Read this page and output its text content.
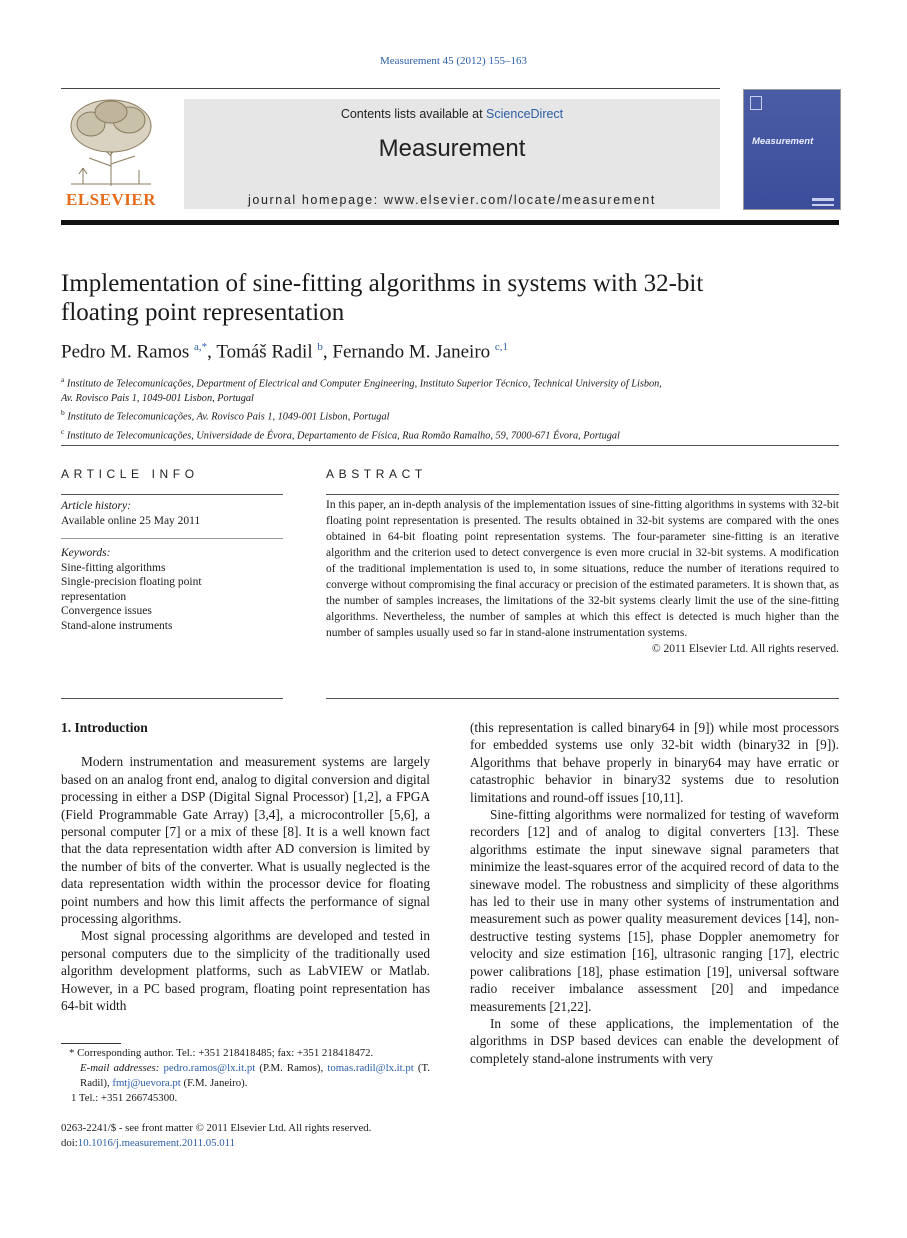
Measurement 45 (2012) 155–163
ELSEVIER
Contents lists available at ScienceDirect
Measurement
journal homepage: www.elsevier.com/locate/measurement
Measurement
Implementation of sine-fitting algorithms in systems with 32-bit
floating point representation
Pedro M. Ramos $^{a,*}$, Tomáš Radil $^b$, Fernando M. Janeiro $^{c,1}$
$^a$ Instituto de Telecomunicações, Department of Electrical and Computer Engineering, Instituto Superior Técnico, Technical University of Lisbon,
Av. Rovisco Pais 1, 1049-001 Lisbon, Portugal
$^b$ Instituto de Telecomunicações, Av. Rovisco Pais 1, 1049-001 Lisbon, Portugal
$^c$ Instituto de Telecomunicações, Universidade de Évora, Departamento de Física, Rua Romão Ramalho, 59, 7000-671 Évora, Portugal
ARTICLE INFO
Article history:
Available online 25 May 2011
Keywords:
Sine-fitting algorithms
Single-precision floating point
representation
Convergence issues
Stand-alone instruments
ABSTRACT
In this paper, an in-depth analysis of the implementation issues of sine-fitting algorithms in systems with 32-bit floating point representation is presented. The results obtained in 32-bit systems are compared with the ones obtained in 64-bit floating point representation systems. The four-parameter sine-fitting is an iterative algorithm and the criterion used to detect convergence is even more crucial in 32-bit systems. A modification of the traditional implementation is used to, in some situations, reduce the number of iterations required to converge without compromising the final accuracy or precision of the estimated parameters. It is shown that, as the number of samples increases, the limitations of the 32-bit systems clearly limit the use of the sine-fitting algorithms. Nevertheless, the number of samples at which this effect is detected is much higher than the number of samples usually used so far in stand-alone instrumentation systems.
© 2011 Elsevier Ltd. All rights reserved.
1. Introduction

Modern instrumentation and measurement systems are largely based on an analog front end, analog to digital conversion and digital processing in either a DSP (Digital Signal Processor) [1,2], a FPGA (Field Programmable Gate Array) [3,4], a microcontroller [5,6], a personal computer [7] or a mix of these [8]. It is a well known fact that the data representation width after AD conversion is limited by the number of bits of the converter. What is usually neglected is the data representation width within the processor device for floating point numbers and how this limit affects the performance of signal processing algorithms.

Most signal processing algorithms are developed and tested in personal computers due to the simplicity of the traditionally used algorithm development platforms, such as LabVIEW or Matlab. However, in a PC based program, floating point representation has 64-bit width

* Corresponding author. Tel.: +351 218418485; fax: +351 218418472.
E-mail addresses: pedro.ramos@lx.it.pt (P.M. Ramos), tomas.radil@lx.it.pt (T. Radil), fmtj@uevora.pt (F.M. Janeiro).
1 Tel.: +351 266745300.
0263-2241/$ - see front matter © 2011 Elsevier Ltd. All rights reserved.
doi:10.1016/j.measurement.2011.05.011

(this representation is called binary64 in [9]) while most processors for embedded systems use only 32-bit width (binary32 in [9]). Algorithms that behave properly in binary64 may have erratic or catastrophic behavior in binary32 systems due to resolution limitations and round-off issues [10,11].

Sine-fitting algorithms were normalized for testing of waveform recorders [12] and of analog to digital converters [13]. These algorithms estimate the input sinewave signal parameters that minimize the least-squares error of the acquired record of data to the sinewave model. The robustness and simplicity of these algorithms has led to their use in many other systems of instrumentation and measurement such as power quality measurement devices [14], non-destructive testing systems [15], phase Doppler anemometry for velocity and size estimation [16], ultrasonic ranging [17], electric power calibrations [18], phase estimation [19], universal software radio receiver imbalance assessment [20] and impedance measurements [21,22].

In some of these applications, the implementation of the algorithms in DSP based devices can enable the development of completely stand-alone instruments with very
